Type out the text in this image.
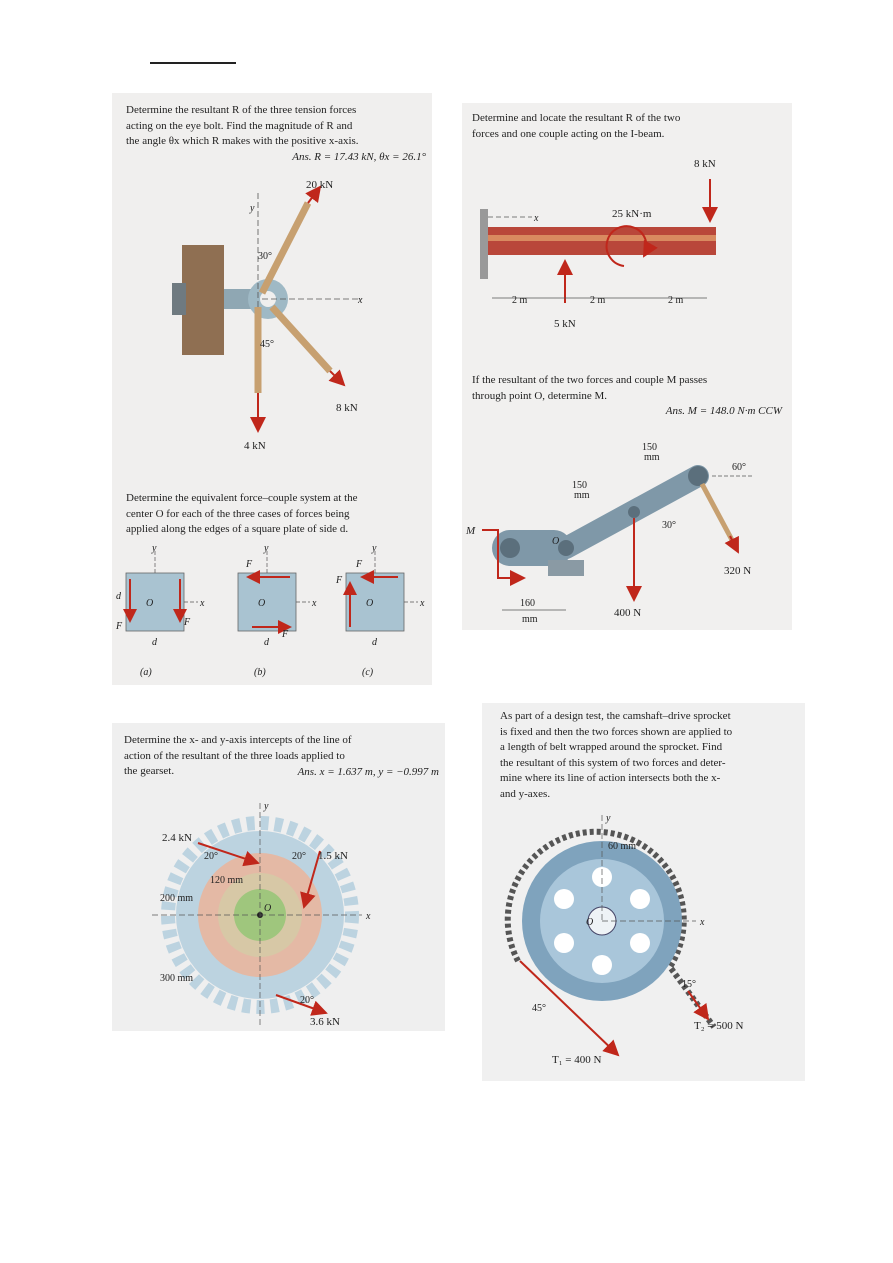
Determine the resultant R of the three tension forces
acting on the eye bolt. Find the magnitude of R and
the angle θx which R makes with the positive x-axis.
Ans. R = 17.43 kN, θx = 26.1°
20 kN
y
30°
x
45°
8 kN
4 kN
Determine the equivalent force–couple system at the
center O for each of the three cases of forces being
applied along the edges of a square plate of side d.
y
x
O
F	F
d
d
(a)
y
x
O
F
F
d
(b)
y
x
O
F
F
d
(c)
Determine and locate the resultant R of the two
forces and one couple acting on the I-beam.
8 kN
x	25 kN·m
2 m	2 m	2 m
5 kN
If the resultant of the two forces and couple M passes
through point O, determine M.
Ans. M = 148.0 N·m CCW
M
O
150
mm
150
mm
60°
30°
320 N
400 N
160
mm
Determine the x- and y-axis intercepts of the line of
action of the resultant of the three loads applied to
the gearset.	Ans. x = 1.637 m, y = −0.997 m
y
x
O
2.4 kN
20°	20° 1.5 kN
120 mm
200 mm
300 mm
20°
3.6 kN
As part of a design test, the camshaft–drive sprocket
is fixed and then the two forces shown are applied to
a length of belt wrapped around the sprocket. Find
the resultant of this system of two forces and deter-
mine where its line of action intersects both the x-
and y-axes.
y
x
O
60 mm
45°
15°
T₂ = 500 N
T₁ = 400 N
